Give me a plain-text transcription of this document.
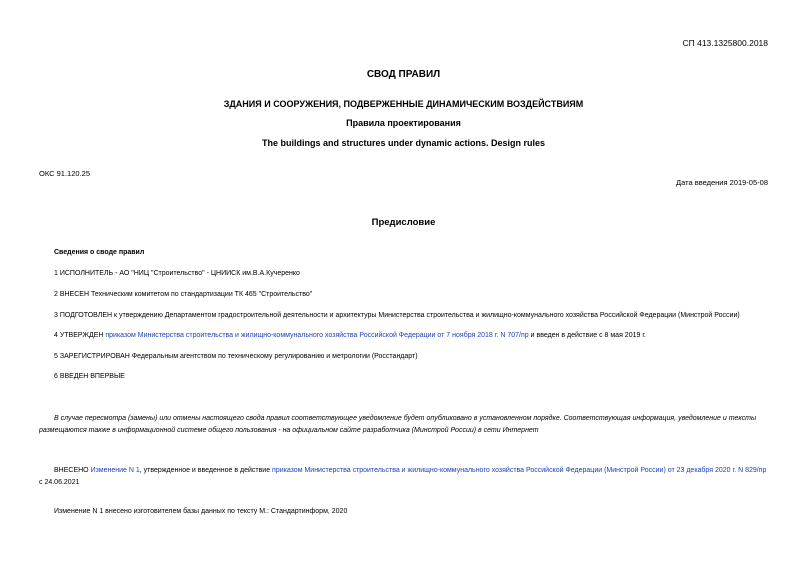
СП 413.1325800.2018
СВОД ПРАВИЛ
ЗДАНИЯ И СООРУЖЕНИЯ, ПОДВЕРЖЕННЫЕ ДИНАМИЧЕСКИМ ВОЗДЕЙСТВИЯМ
Правила проектирования
The buildings and structures under dynamic actions. Design rules
ОКС 91.120.25
Дата введения 2019-05-08
Предисловие
Сведения о своде правил
1 ИСПОЛНИТЕЛЬ - АО "НИЦ "Строительство" - ЦНИИСК им.В.А.Кучеренко
2 ВНЕСЕН Техническим комитетом по стандартизации ТК 465 "Строительство"
3 ПОДГОТОВЛЕН к утверждению Департаментом градостроительной деятельности и архитектуры Министерства строительства и жилищно-коммунального хозяйства Российской Федерации (Минстрой России)
4 УТВЕРЖДЕН приказом Министерства строительства и жилищно-коммунального хозяйства Российской Федерации от 7 ноября 2018 г. N 707/пр и введен в действие с 8 мая 2019 г.
5 ЗАРЕГИСТРИРОВАН Федеральным агентством по техническому регулированию и метрологии (Росстандарт)
6 ВВЕДЕН ВПЕРВЫЕ
В случае пересмотра (замены) или отмены настоящего свода правил соответствующее уведомление будет опубликовано в установленном порядке. Соответствующая информация, уведомление и тексты размещаются также в информационной системе общего пользования - на официальном сайте разработчика (Минстрой России) в сети Интернет
ВНЕСЕНО Изменение N 1, утвержденное и введенное в действие приказом Министерства строительства и жилищно-коммунального хозяйства Российской Федерации (Минстрой России) от 23 декабря 2020 г. N 829/пр с 24.06.2021
Изменение N 1 внесено изготовителем базы данных по тексту М.: Стандартинформ, 2020
